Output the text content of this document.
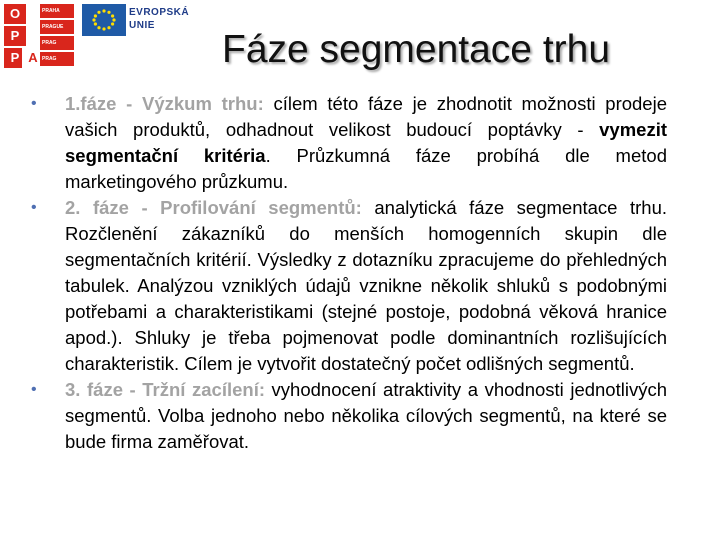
O
P
P A
PRAHA
PRAGUE
PRAG
PRAG
EVROPSKÁ
UNIE
Fáze segmentace trhu
• 1.fáze - Výzkum trhu: cílem této fáze je zhodnotit možnosti prodeje vašich produktů, odhadnout velikost budoucí poptávky - vymezit segmentační kritéria. Průzkumná fáze probíhá dle metod marketingového průzkumu.

• 2. fáze - Profilování segmentů: analytická fáze segmentace trhu. Rozčlenění zákazníků do menších homogenních skupin dle segmentačních kritérií. Výsledky z dotazníku zpracujeme do přehledných tabulek. Analýzou vzniklých údajů vznikne několik shluků s podobnými potřebami a charakteristikami (stejné postoje, podobná věková hranice apod.). Shluky je třeba pojmenovat podle dominantních rozlišujících charakteristik. Cílem je vytvořit dostatečný počet odlišných segmentů.

• 3. fáze - Tržní zacílení: vyhodnocení atraktivity a vhodnosti jednotlivých segmentů. Volba jednoho nebo několika cílových segmentů, na které se bude firma zaměřovat.
